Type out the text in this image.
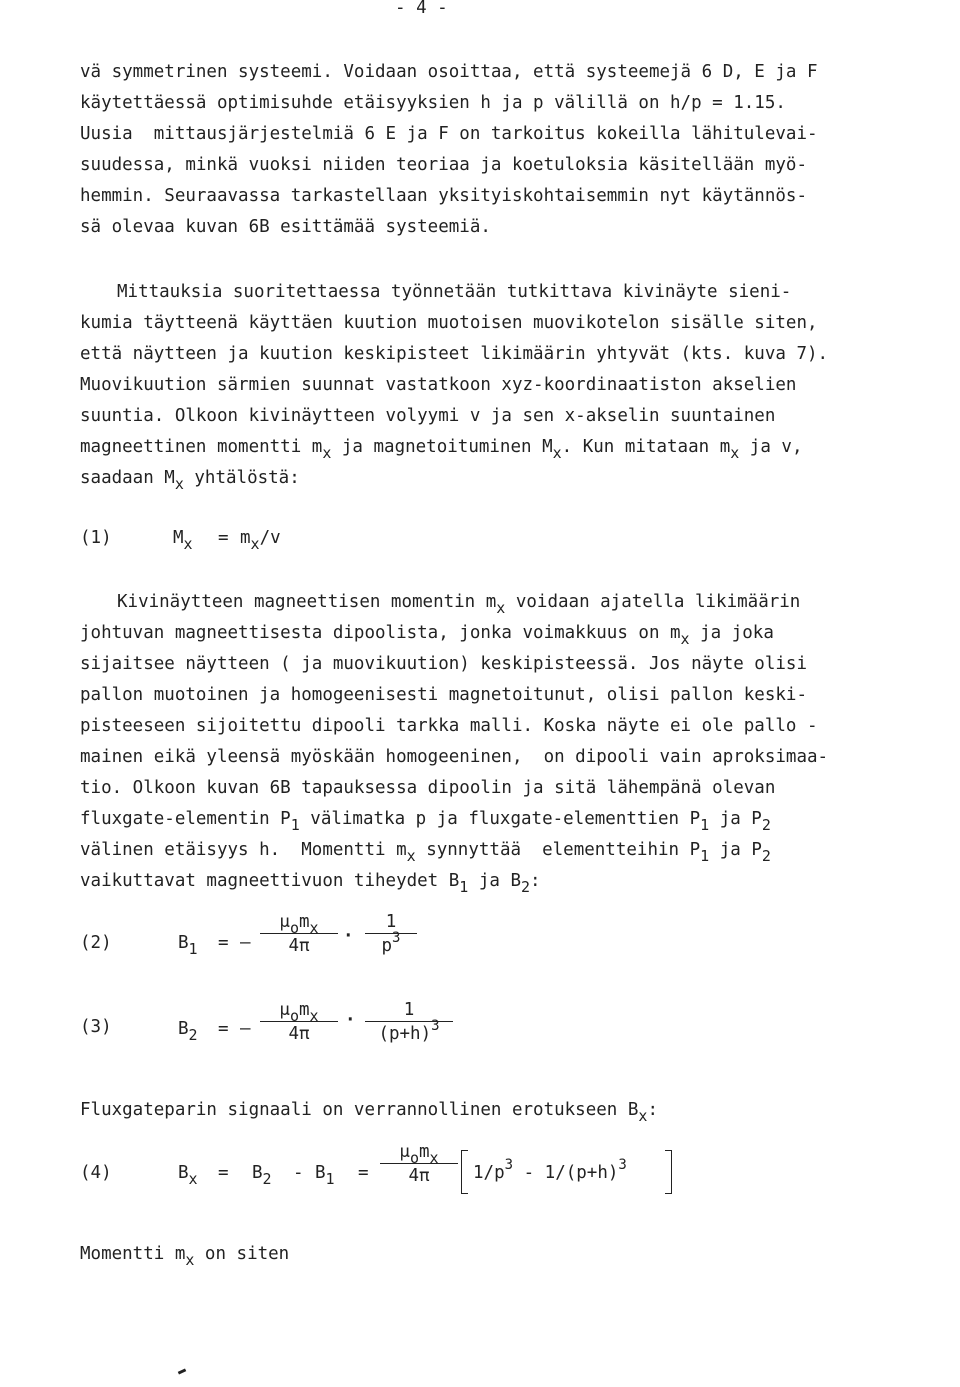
- 4 -
vä symmetrinen systeemi. Voidaan osoittaa, että systeemejä 6 D, E ja F
käytettäessä optimisuhde etäisyyksien h ja p välillä on h/p = 1.15.
Uusia  mittausjärjestelmiä 6 E ja F on tarkoitus kokeilla lähitulevai-
suudessa, minkä vuoksi niiden teoriaa ja koetuloksia käsitellään myö-
hemmin. Seuraavassa tarkastellaan yksityiskohtaisemmin nyt käytännös-
sä olevaa kuvan 6B esittämää systeemiä.
Mittauksia suoritettaessa työnnetään tutkittava kivinäyte sieni-
kumia täytteenä käyttäen kuution muotoisen muovikotelon sisälle siten,
että näytteen ja kuution keskipisteet likimäärin yhtyvät (kts. kuva 7).
Muovikuution särmien suunnat vastatkoon xyz-koordinaatiston akselien
suuntia. Olkoon kivinäytteen volyymi v ja sen x-akselin suuntainen
magneettinen momentti mx ja magnetoituminen Mx. Kun mitataan mx ja v,
saadaan Mx yhtälöstä:
(1)	Mx = mx/v
Kivinäytteen magneettisen momentin mx voidaan ajatella likimäärin
johtuvan magneettisesta dipoolista, jonka voimakkuus on mx ja joka
sijaitsee näytteen ( ja muovikuution) keskipisteessä. Jos näyte olisi
pallon muotoinen ja homogeenisesti magnetoitunut, olisi pallon keski-
pisteeseen sijoitettu dipooli tarkka malli. Koska näyte ei ole pallo -
mainen eikä yleensä myöskään homogeeninen,  on dipooli vain aproksimaa-
tio. Olkoon kuvan 6B tapauksessa dipoolin ja sitä lähempänä olevan
fluxgate-elementin P1 välimatka p ja fluxgate-elementtien P1 ja P2
välinen etäisyys h.  Momentti mx synnyttää  elementteihin P1 ja P2
vaikuttavat magneettivuon tiheydet B1 ja B2:
(2)	B1 = –
μomx
4π	· $\frac{1}{p^3}$
(3)	B2 = –
μomx
4π
· $\frac{1}{(p+h)^3}$
Fluxgateparin signaali on verrannollinen erotukseen Bx:
(4)	Bx = B2 - B1 =
μomx
4π	$1/p^3 - 1/(p+h)^3$
Momentti mx on siten
